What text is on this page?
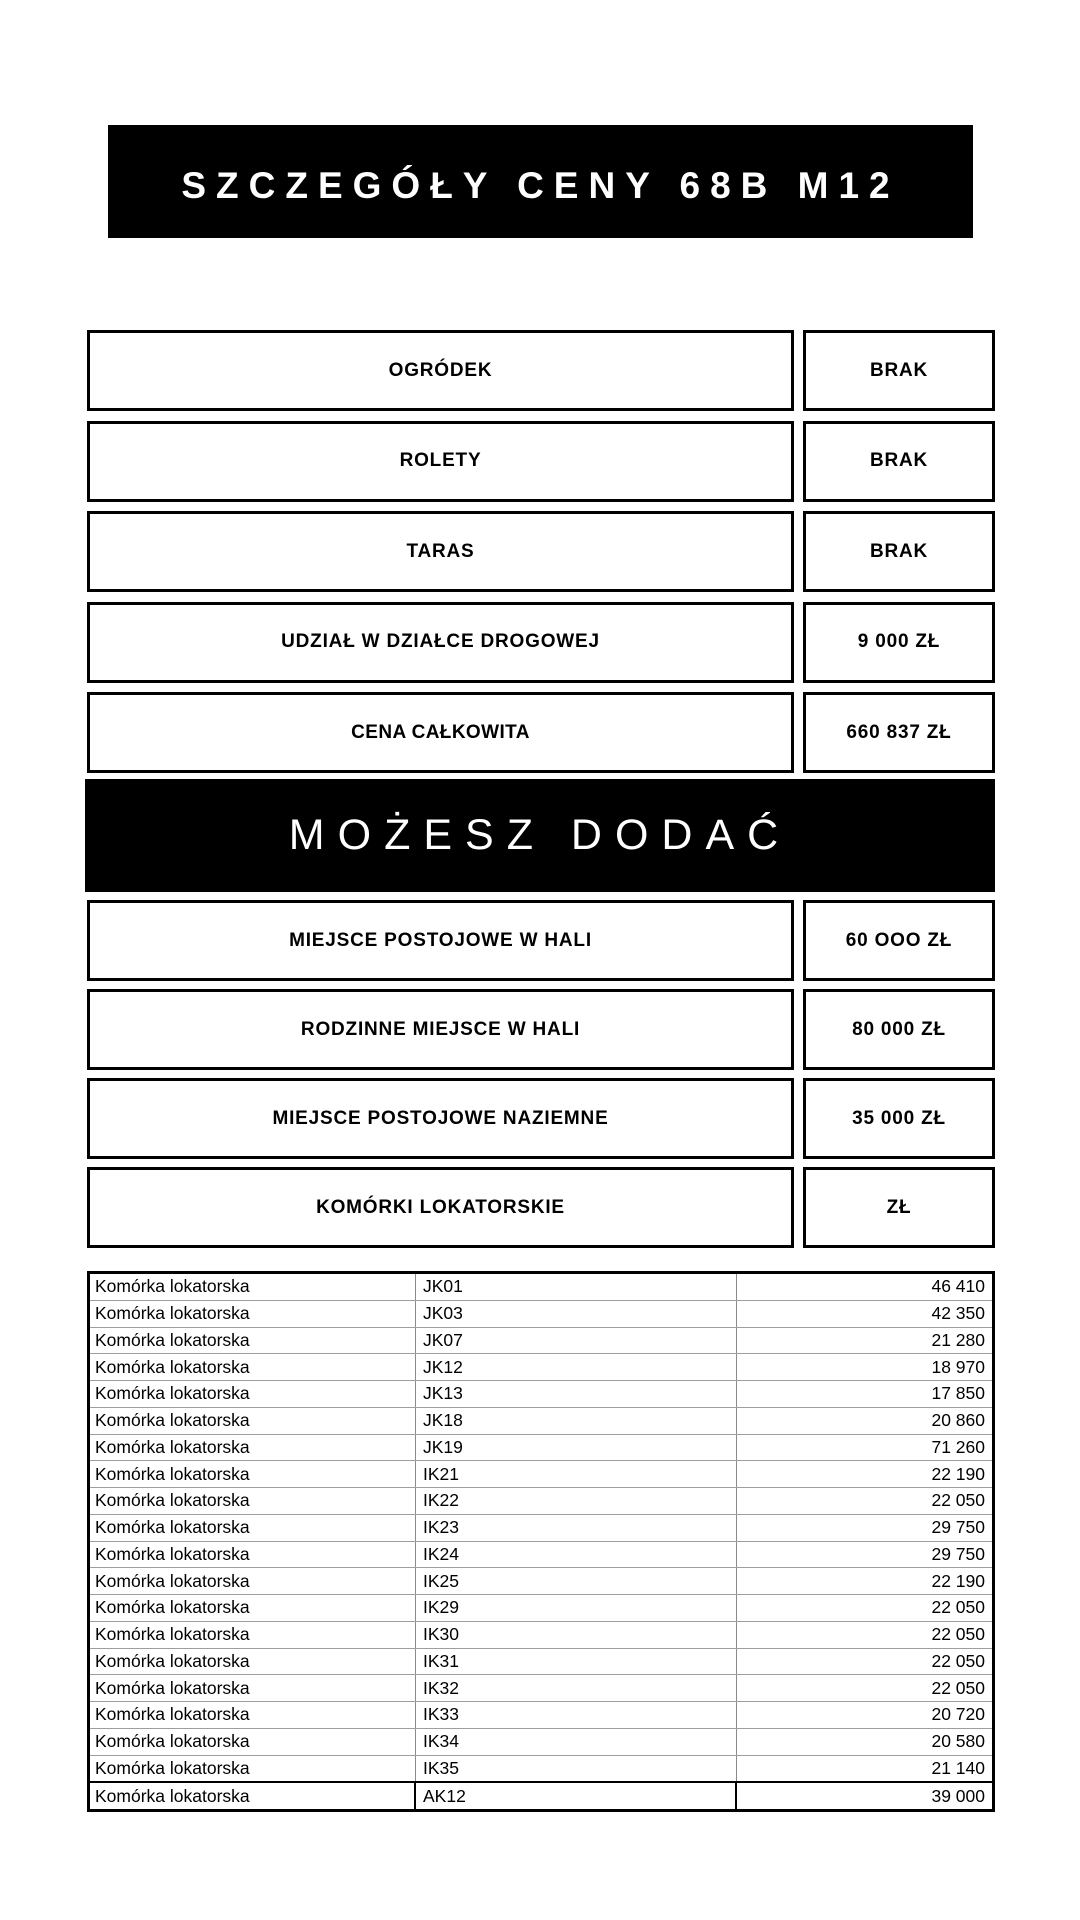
SZCZEGÓŁY CENY 68B M12
OGRÓDEK	BRAK
ROLETY	BRAK
TARAS	BRAK
UDZIAŁ W DZIAŁCE DROGOWEJ	9 000 ZŁ
CENA CAŁKOWITA	660 837 ZŁ
MOŻESZ DODAĆ
MIEJSCE POSTOJOWE W HALI	60 OOO ZŁ
RODZINNE MIEJSCE W HALI	80 000 ZŁ
MIEJSCE POSTOJOWE NAZIEMNE	35 000 ZŁ
KOMÓRKI LOKATORSKIE	ZŁ
Komórka lokatorska	JK01	46 410
Komórka lokatorska	JK03	42 350
Komórka lokatorska	JK07	21 280
Komórka lokatorska	JK12	18 970
Komórka lokatorska	JK13	17 850
Komórka lokatorska	JK18	20 860
Komórka lokatorska	JK19	71 260
Komórka lokatorska	IK21	22 190
Komórka lokatorska	IK22	22 050
Komórka lokatorska	IK23	29 750
Komórka lokatorska	IK24	29 750
Komórka lokatorska	IK25	22 190
Komórka lokatorska	IK29	22 050
Komórka lokatorska	IK30	22 050
Komórka lokatorska	IK31	22 050
Komórka lokatorska	IK32	22 050
Komórka lokatorska	IK33	20 720
Komórka lokatorska	IK34	20 580
Komórka lokatorska	IK35	21 140
Komórka lokatorska	AK12	39 000
